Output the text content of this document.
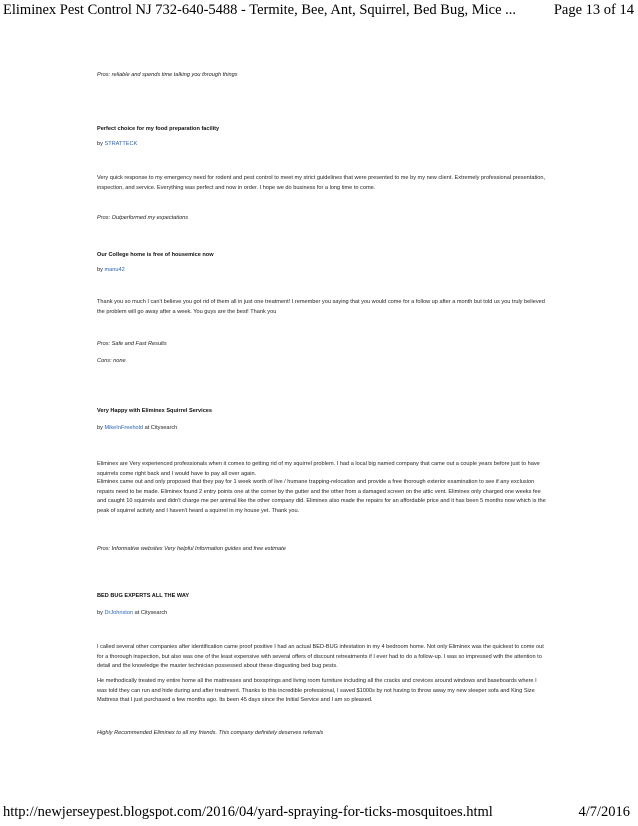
Eliminex Pest Control NJ 732-640-5488 - Termite, Bee, Ant, Squirrel, Bed Bug, Mice ...	Page 13 of 14
Pros: reliable and spends time talking you through things
Perfect choice for my food preparation facility
by STRATTECK

Very quick response to my emergency need for rodent and pest control to meet my strict guidelines that were presented to me by my new client. Extremely professional presentation, inspection, and service. Everything was perfect and now in order. I hope we do business for a long time to come.

Pros: Outperformed my expectations
Our College home is free of housemice now
by manu42

Thank you so much I can't believe you got rid of them all in just one treatment! I remember you saying that you would come for a follow up after a month but told us you truly believed the problem will go away after a week. You guys are the best! Thank you

Pros: Safe and Fast Results
Cons: none
Very Happy with Eliminex Squirrel Services
by MikeInFreehold at Citysearch

Eliminex are Very experienced professionals when it comes to getting rid of my squirrel problem. I had a local big named company that came out a couple years before just to have squirrels come right back and I would have to pay all over again.

Eliminex came out and only proposed that they pay for 1 week worth of live / humane trapping-relocation and provide a free thorough exterior examination to see if any exclusion repairs need to be made. Eliminex found 2 entry points one at the corner by the gutter and the other from a damaged screen on the attic vent. Eliminex only charged one weeks fee and caught 10 squirrels and didn't charge me per animal like the other company did. Eliminex also made the repairs for an affordable price and it has been 5 months now which is the peak of squirrel activity and I haven't heard a squirrel in my house yet. Thank you.

Pros: Informative websites Very helpful Information guides and free estimate
BED BUG EXPERTS ALL THE WAY
by DrJohnston at Citysearch

I called several other companies after identification came proof positive I had an actual BED-BUG infestation in my 4 bedroom home. Not only Eliminex was the quickest to come out for a thorough inspection, but also was one of the least expensive with several offers of discount retreatments if I ever had to do a follow-up. I was so impressed with the attention to detail and the knowledge the master technician possessed about these disgusting bed bug pests.

He methodically treated my entire home all the mattresses and boxsprings and living room furniture including all the cracks and crevices around windows and baseboards where I was told they can run and hide during and after treatment. Thanks to this incredible professional, I saved $1000s by not having to throw away my new sleeper sofa and King Size Mattress that I just purchased a few months ago. Its been 45 days since the Initial Service and I am so pleased.

Highly Recommended Eliminex to all my friends. This company definitely deserves referrals
http://newjerseypest.blogspot.com/2016/04/yard-spraying-for-ticks-mosquitoes.html	4/7/2016
